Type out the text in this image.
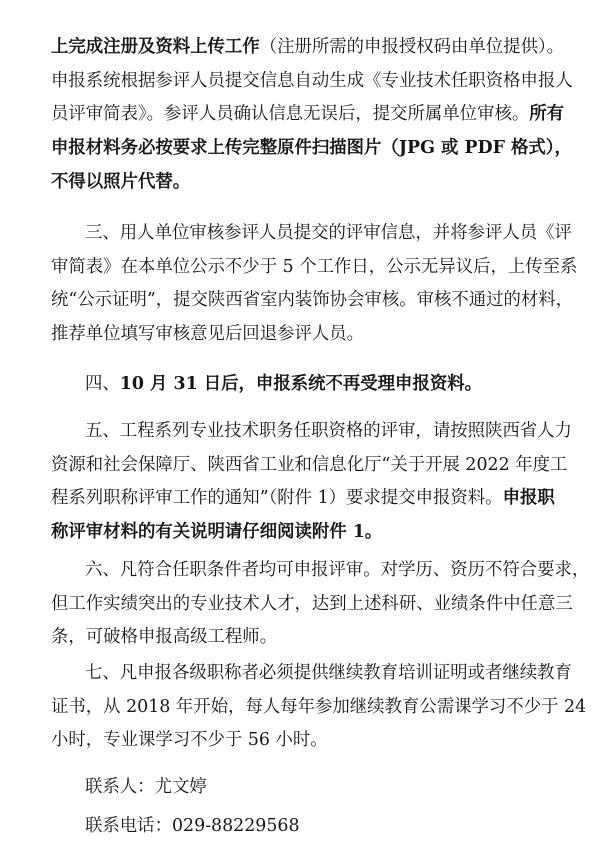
上完成注册及资料上传工作（注册所需的申报授权码由单位提供）。
申报系统根据参评人员提交信息自动生成《专业技术任职资格申报人
员评审简表》。参评人员确认信息无误后，提交所属单位审核。所有
申报材料务必按要求上传完整原件扫描图片（JPG 或 PDF 格式），
不得以照片代替。
三、用人单位审核参评人员提交的评审信息，并将参评人员《评
审简表》在本单位公示不少于 5 个工作日，公示无异议后，上传至系
统“公示证明”，提交陕西省室内装饰协会审核。审核不通过的材料，
推荐单位填写审核意见后回退参评人员。
四、10 月 31 日后，申报系统不再受理申报资料。
五、工程系列专业技术职务任职资格的评审，请按照陕西省人力
资源和社会保障厅、陕西省工业和信息化厅“关于开展 2022 年度工
程系列职称评审工作的通知”（附件 1）要求提交申报资料。申报职
称评审材料的有关说明请仔细阅读附件 1。
六、凡符合任职条件者均可申报评审。对学历、资历不符合要求，
但工作实绩突出的专业技术人才，达到上述科研、业绩条件中任意三
条，可破格申报高级工程师。
七、凡申报各级职称者必须提供继续教育培训证明或者继续教育
证书，从 2018 年开始，每人每年参加继续教育公需课学习不少于 24
小时，专业课学习不少于 56 小时。
联系人：尤文婷
联系电话：029-88229568
